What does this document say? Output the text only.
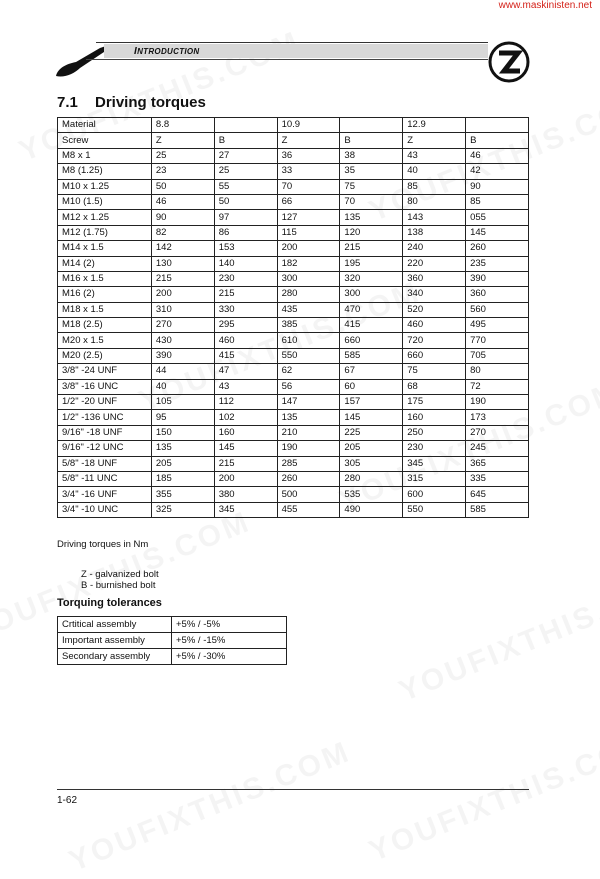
www.maskinisten.net
INTRODUCTION
7.1 Driving torques
Material	8.8		10.9		12.9	
Screw	Z	B	Z	B	Z	B
M8 x 1	25	27	36	38	43	46
M8 (1.25)	23	25	33	35	40	42
M10 x 1.25	50	55	70	75	85	90
M10 (1.5)	46	50	66	70	80	85
M12 x 1.25	90	97	127	135	143	055
M12 (1.75)	82	86	115	120	138	145
M14 x 1.5	142	153	200	215	240	260
M14 (2)	130	140	182	195	220	235
M16 x 1.5	215	230	300	320	360	390
M16 (2)	200	215	280	300	340	360
M18 x 1.5	310	330	435	470	520	560
M18 (2.5)	270	295	385	415	460	495
M20 x 1.5	430	460	610	660	720	770
M20 (2.5)	390	415	550	585	660	705
3/8" -24 UNF	44	47	62	67	75	80
3/8" -16 UNC	40	43	56	60	68	72
1/2" -20 UNF	105	112	147	157	175	190
1/2" -136 UNC	95	102	135	145	160	173
9/16" -18 UNF	150	160	210	225	250	270
9/16" -12 UNC	135	145	190	205	230	245
5/8" -18 UNF	205	215	285	305	345	365
5/8" -11 UNC	185	200	260	280	315	335
3/4" -16 UNF	355	380	500	535	600	645
3/4" -10 UNC	325	345	455	490	550	585
Driving torques in Nm
Z - galvanized bolt
B - burnished bolt
Torquing tolerances
Crtitical assembly	+5% / -5%
Important assembly	+5% / -15%
Secondary assembly	+5% / -30%
1-62
